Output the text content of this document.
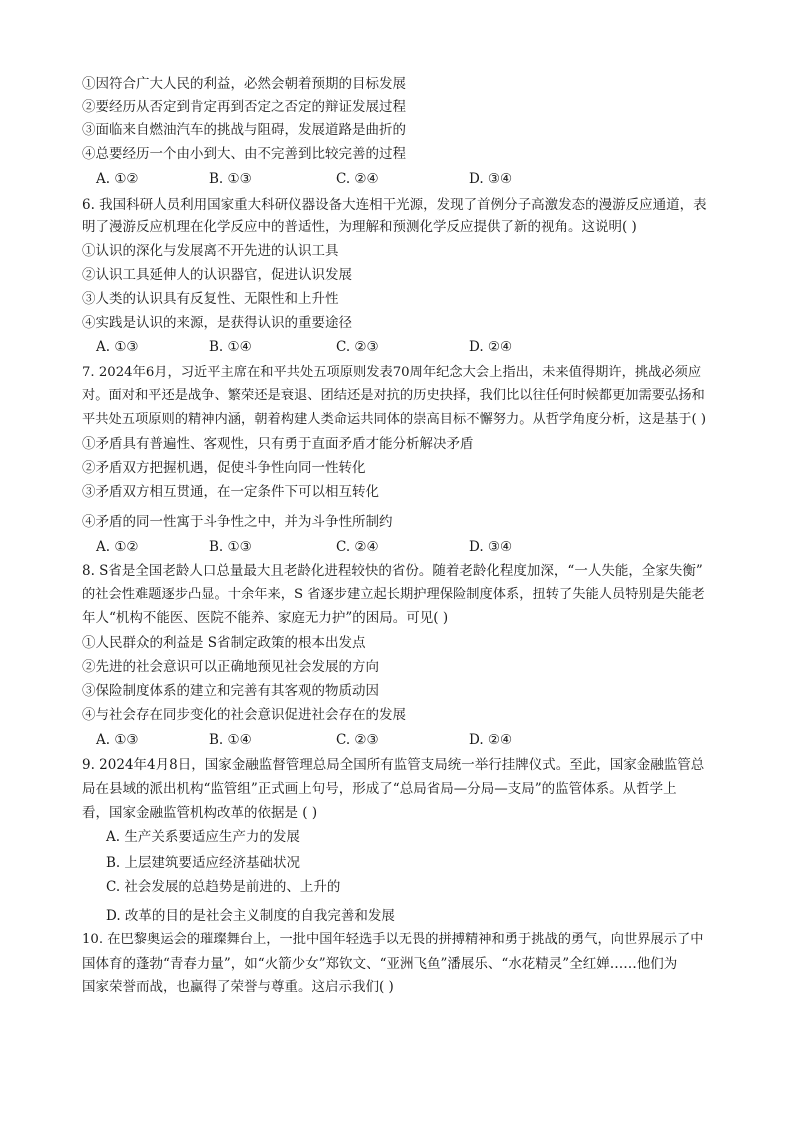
①因符合广大人民的利益，必然会朝着预期的目标发展
②要经历从否定到肯定再到否定之否定的辩证发展过程
③面临来自燃油汽车的挑战与阻碍，发展道路是曲折的
④总要经历一个由小到大、由不完善到比较完善的过程
A. ①②	B. ①③	C. ②④	D. ③④
6. 我国科研人员利用国家重大科研仪器设备大连相干光源，发现了首例分子高激发态的漫游反应通道，表
明了漫游反应机理在化学反应中的普适性，为理解和预测化学反应提供了新的视角。这说明( )
①认识的深化与发展离不开先进的认识工具
②认识工具延伸人的认识器官，促进认识发展
③人类的认识具有反复性、无限性和上升性
④实践是认识的来源，是获得认识的重要途径
A. ①③	B. ①④	C. ②③	D. ②④
7. 2024年6月，习近平主席在和平共处五项原则发表70周年纪念大会上指出，未来值得期许，挑战必须应
对。面对和平还是战争、繁荣还是衰退、团结还是对抗的历史抉择，我们比以往任何时候都更加需要弘扬和
平共处五项原则的精神内涵，朝着构建人类命运共同体的崇高目标不懈努力。从哲学角度分析，这是基于( )
①矛盾具有普遍性、客观性，只有勇于直面矛盾才能分析解决矛盾
②矛盾双方把握机遇，促使斗争性向同一性转化
③矛盾双方相互贯通，在一定条件下可以相互转化
④矛盾的同一性寓于斗争性之中，并为斗争性所制约
A. ①②	B. ①③	C. ②④	D. ③④
8. S省是全国老龄人口总量最大且老龄化进程较快的省份。随着老龄化程度加深，“一人失能，全家失衡”
的社会性难题逐步凸显。十余年来，S 省逐步建立起长期护理保险制度体系，扭转了失能人员特别是失能老
年人“机构不能医、医院不能养、家庭无力护”的困局。可见( )
①人民群众的利益是 S省制定政策的根本出发点
②先进的社会意识可以正确地预见社会发展的方向
③保险制度体系的建立和完善有其客观的物质动因
④与社会存在同步变化的社会意识促进社会存在的发展
A. ①③	B. ①④	C. ②③	D. ②④
9. 2024年4月8日，国家金融监督管理总局全国所有监管支局统一举行挂牌仪式。至此，国家金融监管总
局在县域的派出机构“监管组”正式画上句号，形成了“总局省局—分局—支局”的监管体系。从哲学上
看，国家金融监管机构改革的依据是 ( )
A. 生产关系要适应生产力的发展
B. 上层建筑要适应经济基础状况
C. 社会发展的总趋势是前进的、上升的
D. 改革的目的是社会主义制度的自我完善和发展
10. 在巴黎奥运会的璀璨舞台上，一批中国年轻选手以无畏的拼搏精神和勇于挑战的勇气，向世界展示了中
国体育的蓬勃“青春力量”，如“火箭少女”郑钦文、“亚洲飞鱼”潘展乐、“水花精灵”全红婵……他们为
国家荣誉而战，也赢得了荣誉与尊重。这启示我们( )
